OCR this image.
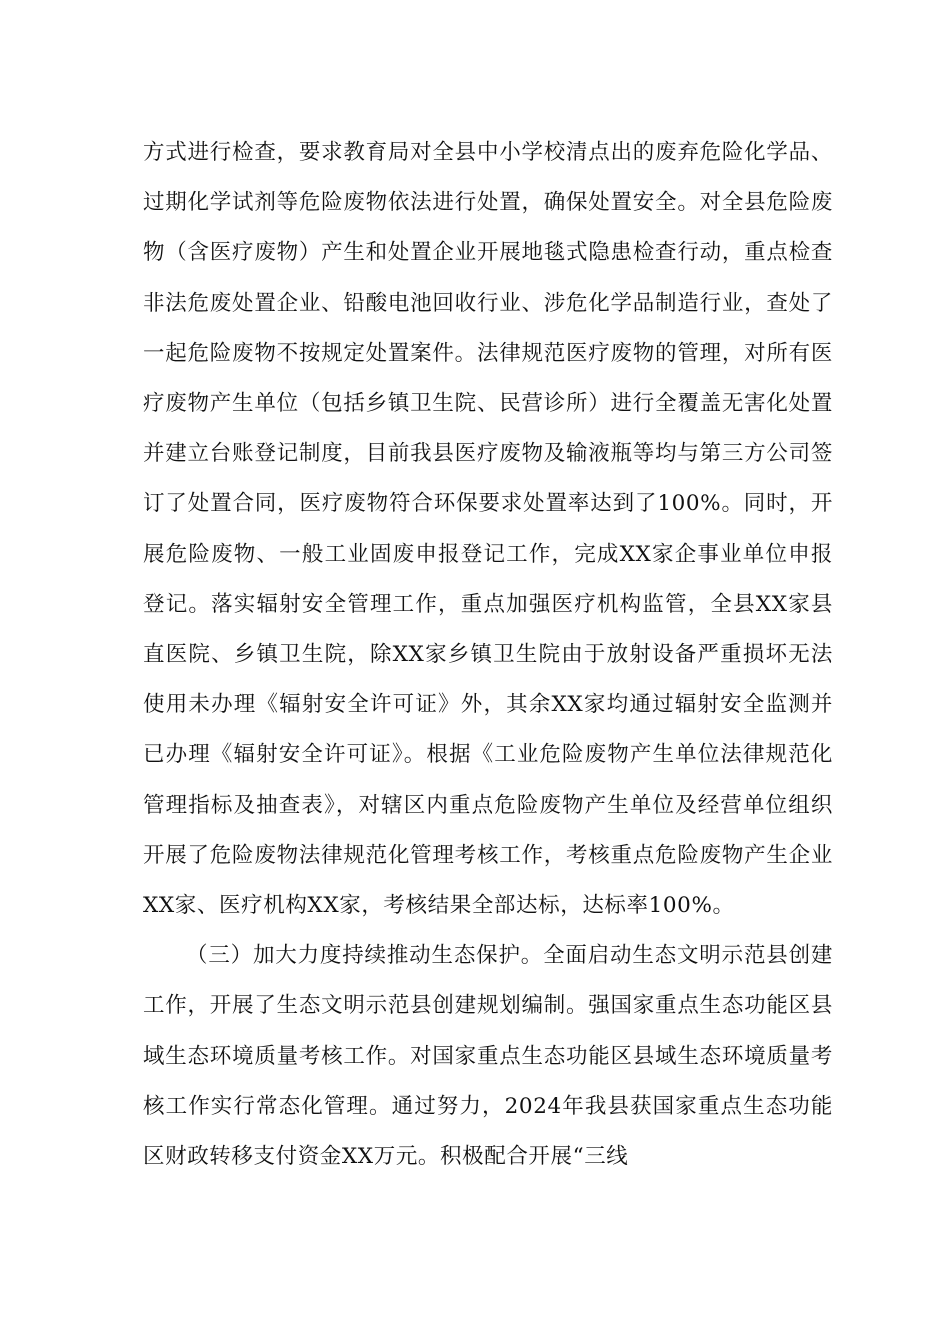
方式进行检查，要求教育局对全县中小学校清点出的废弃危险化学品、过期化学试剂等危险废物依法进行处置，确保处置安全。对全县危险废物（含医疗废物）产生和处置企业开展地毯式隐患检查行动，重点检查非法危废处置企业、铅酸电池回收行业、涉危化学品制造行业，查处了一起危险废物不按规定处置案件。法律规范医疗废物的管理，对所有医疗废物产生单位（包括乡镇卫生院、民营诊所）进行全覆盖无害化处置并建立台账登记制度，目前我县医疗废物及输液瓶等均与第三方公司签订了处置合同，医疗废物符合环保要求处置率达到了100%。同时，开展危险废物、一般工业固废申报登记工作，完成XX家企事业单位申报登记。落实辐射安全管理工作，重点加强医疗机构监管，全县XX家县直医院、乡镇卫生院，除XX家乡镇卫生院由于放射设备严重损坏无法使用未办理《辐射安全许可证》外，其余XX家均通过辐射安全监测并已办理《辐射安全许可证》。根据《工业危险废物产生单位法律规范化管理指标及抽查表》，对辖区内重点危险废物产生单位及经营单位组织开展了危险废物法律规范化管理考核工作，考核重点危险废物产生企业XX家、医疗机构XX家，考核结果全部达标，达标率100%。

（三）加大力度持续推动生态保护。全面启动生态文明示范县创建工作，开展了生态文明示范县创建规划编制。强国家重点生态功能区县域生态环境质量考核工作。对国家重点生态功能区县域生态环境质量考核工作实行常态化管理。通过努力，2024年我县获国家重点生态功能区财政转移支付资金XX万元。积极配合开展“三线
